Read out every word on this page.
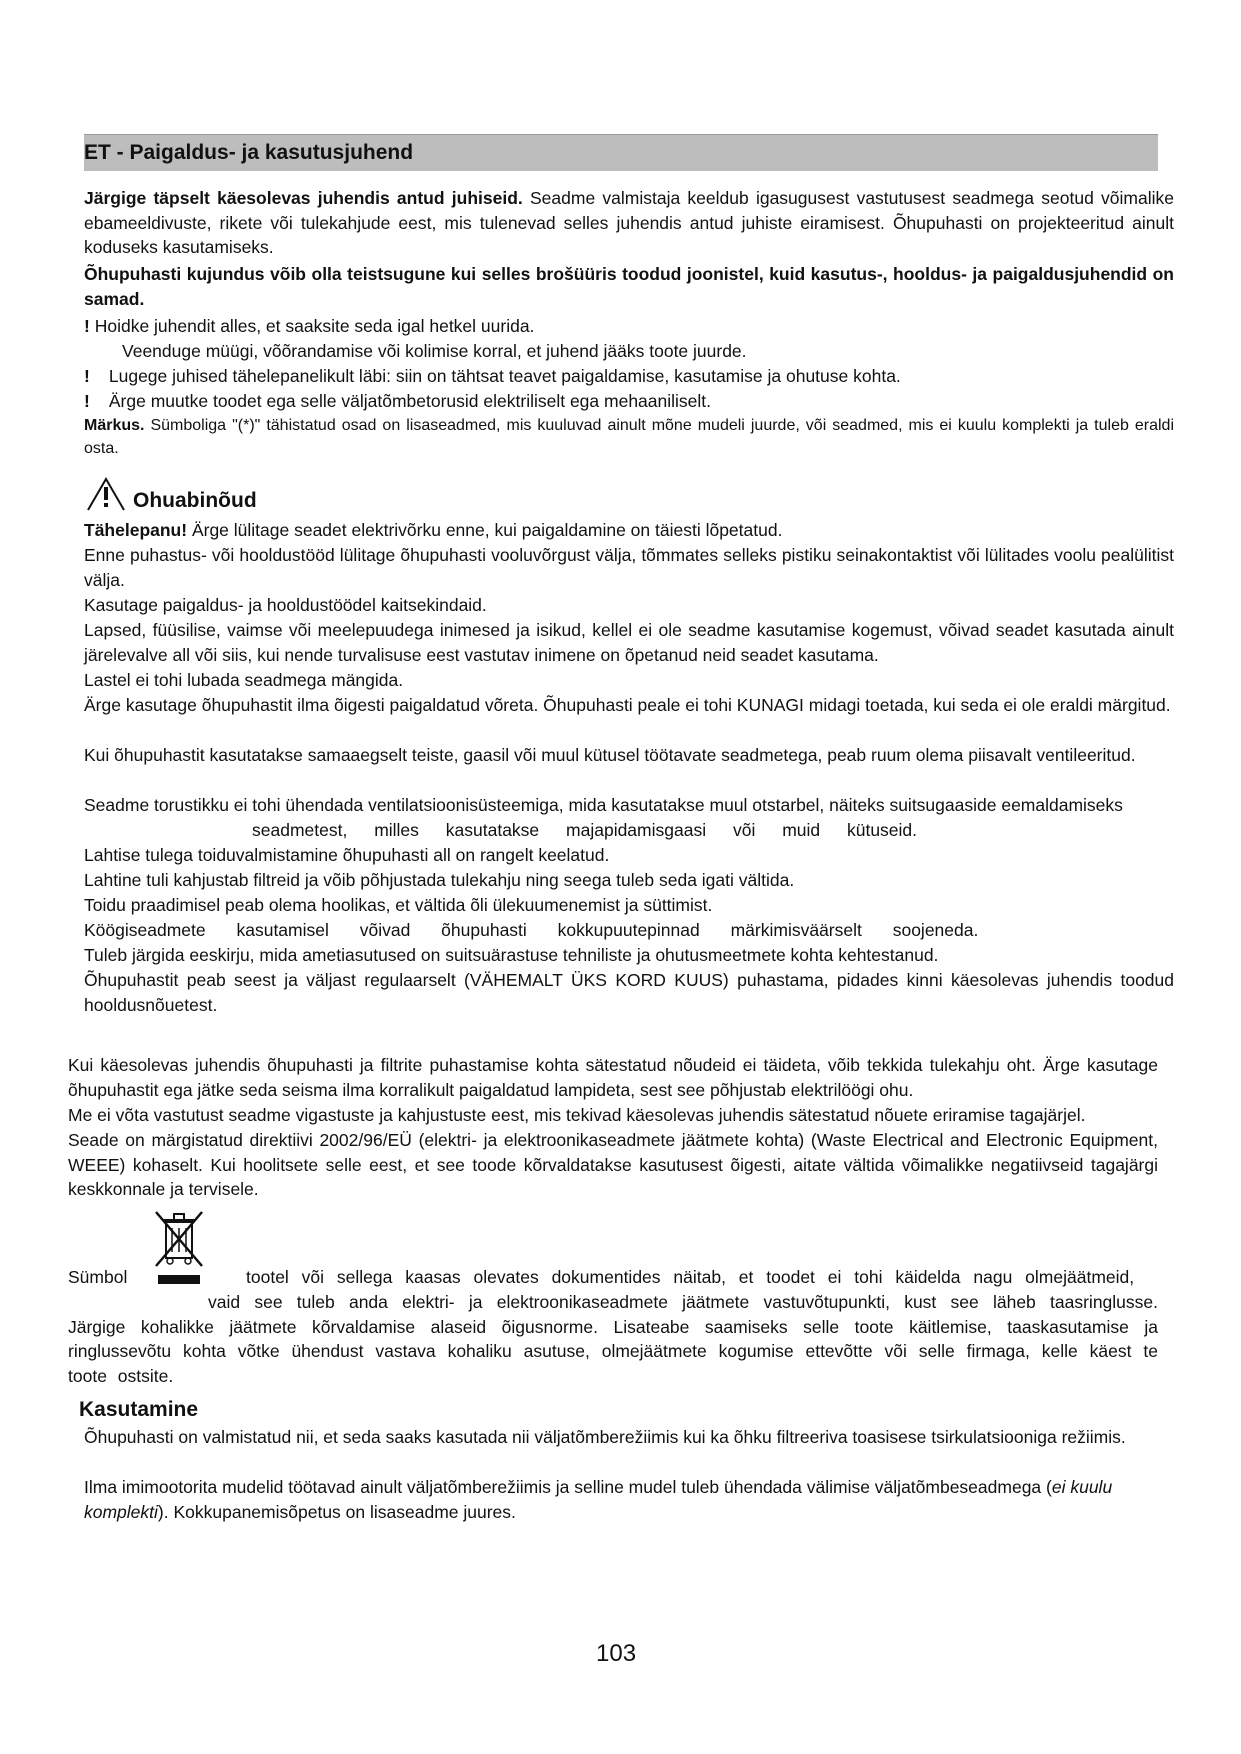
ET - Paigaldus- ja kasutusjuhend

Järgige täpselt käesolevas juhendis antud juhiseid. Seadme valmistaja keeldub igasugusest vastutusest seadmega seotud võimalike ebameeldivuste, rikete või tulekahjude eest, mis tulenevad selles juhendis antud juhiste eiramisest. Õhupuhasti on projekteeritud ainult koduseks kasutamiseks.

Õhupuhasti kujundus võib olla teistsugune kui selles brošüüris toodud joonistel, kuid kasutus-, hooldus- ja paigaldusjuhendid on samad.

! Hoidke juhendit alles, et saaksite seda igal hetkel uurida.

Veenduge müügi, võõrandamise või kolimise korral, et juhend jääks toote juurde.

! Lugege juhised tähelepanelikult läbi: siin on tähtsat teavet paigaldamise, kasutamise ja ohutuse kohta.

! Ärge muutke toodet ega selle väljatõmbetorusid elektriliselt ega mehaaniliselt.

Märkus. Sümboliga "(*)" tähistatud osad on lisaseadmed, mis kuuluvad ainult mõne mudeli juurde, või seadmed, mis ei kuulu komplekti ja tuleb eraldi osta.

Ohuabinõud

Tähelepanu! Ärge lülitage seadet elektrivõrku enne, kui paigaldamine on täiesti lõpetatud.

Enne puhastus- või hooldustööd lülitage õhupuhasti vooluvõrgust välja, tõmmates selleks pistiku seinakontaktist või lülitades voolu pealülitist välja.

Kasutage paigaldus- ja hooldustöödel kaitsekindaid.

Lapsed, füüsilise, vaimse või meelepuudega inimesed ja isikud, kellel ei ole seadme kasutamise kogemust, võivad seadet kasutada ainult järelevalve all või siis, kui nende turvalisuse eest vastutav inimene on õpetanud neid seadet kasutama.

Lastel ei tohi lubada seadmega mängida.

Ärge kasutage õhupuhastit ilma õigesti paigaldatud võreta. Õhupuhasti peale ei tohi KUNAGI midagi toetada, kui seda ei ole eraldi märgitud.

Kui õhupuhastit kasutatakse samaaegselt teiste, gaasil või muul kütusel töötavate seadmetega, peab ruum olema piisavalt ventileeritud.

Seadme torustikku ei tohi ühendada ventilatsioonisüsteemiga, mida kasutatakse muul otstarbel, näiteks suitsugaaside eemaldamiseks

seadmetest, milles kasutatakse majapidamisgaasi või muid kütuseid.

Lahtise tulega toiduvalmistamine õhupuhasti all on rangelt keelatud.

Lahtine tuli kahjustab filtreid ja võib põhjustada tulekahju ning seega tuleb seda igati vältida.

Toidu praadimisel peab olema hoolikas, et vältida õli ülekuumenemist ja süttimist.

Köögiseadmete kasutamisel võivad õhupuhasti kokkupuutepinnad märkimisväärselt soojeneda.

Tuleb järgida eeskirju, mida ametiasutused on suitsuärastuse tehniliste ja ohutusmeetmete kohta kehtestanud.

Õhupuhastit peab seest ja väljast regulaarselt (VÄHEMALT ÜKS KORD KUUS) puhastama, pidades kinni käesolevas juhendis toodud hooldusnõuetest.

Kui käesolevas juhendis õhupuhasti ja filtrite puhastamise kohta sätestatud nõudeid ei täideta, võib tekkida tulekahju oht. Ärge kasutage õhupuhastit ega jätke seda seisma ilma korralikult paigaldatud lampideta, sest see põhjustab elektrilöögi ohu.

Me ei võta vastutust seadme vigastuste ja kahjustuste eest, mis tekivad käesolevas juhendis sätestatud nõuete eriramise tagajärjel.

Seade on märgistatud direktiivi 2002/96/EÜ (elektri- ja elektroonikaseadmete jäätmete kohta) (Waste Electrical and Electronic Equipment, WEEE) kohaselt. Kui hoolitsete selle eest, et see toode kõrvaldatakse kasutusest õigesti, aitate vältida võimalikke negatiivseid tagajärgi keskkonnale ja tervisele.

Sümbol	tootel või sellega kaasas olevates dokumentides näitab, et toodet ei tohi käidelda nagu olmejäätmeid,

vaid see tuleb anda elektri- ja elektroonikaseadmete jäätmete vastuvõtupunkti, kust see läheb taasringlusse. Järgige kohalikke jäätmete kõrvaldamise alaseid õigusnorme. Lisateabe saamiseks selle toote käitlemise, taaskasutamise ja ringlussevõtu kohta võtke ühendust vastava kohaliku asutuse, olmejäätmete kogumise ettevõtte või selle firmaga, kelle käest te toote ostsite.

Kasutamine

Õhupuhasti on valmistatud nii, et seda saaks kasutada nii väljatõmberežiimis kui ka õhku filtreeriva toasisese tsirkulatsiooniga režiimis.

Ilma imimootorita mudelid töötavad ainult väljatõmberežiimis ja selline mudel tuleb ühendada välimise väljatõmbeseadmega (ei kuulu komplekti). Kokkupanemisõpetus on lisaseadme juures.

103
